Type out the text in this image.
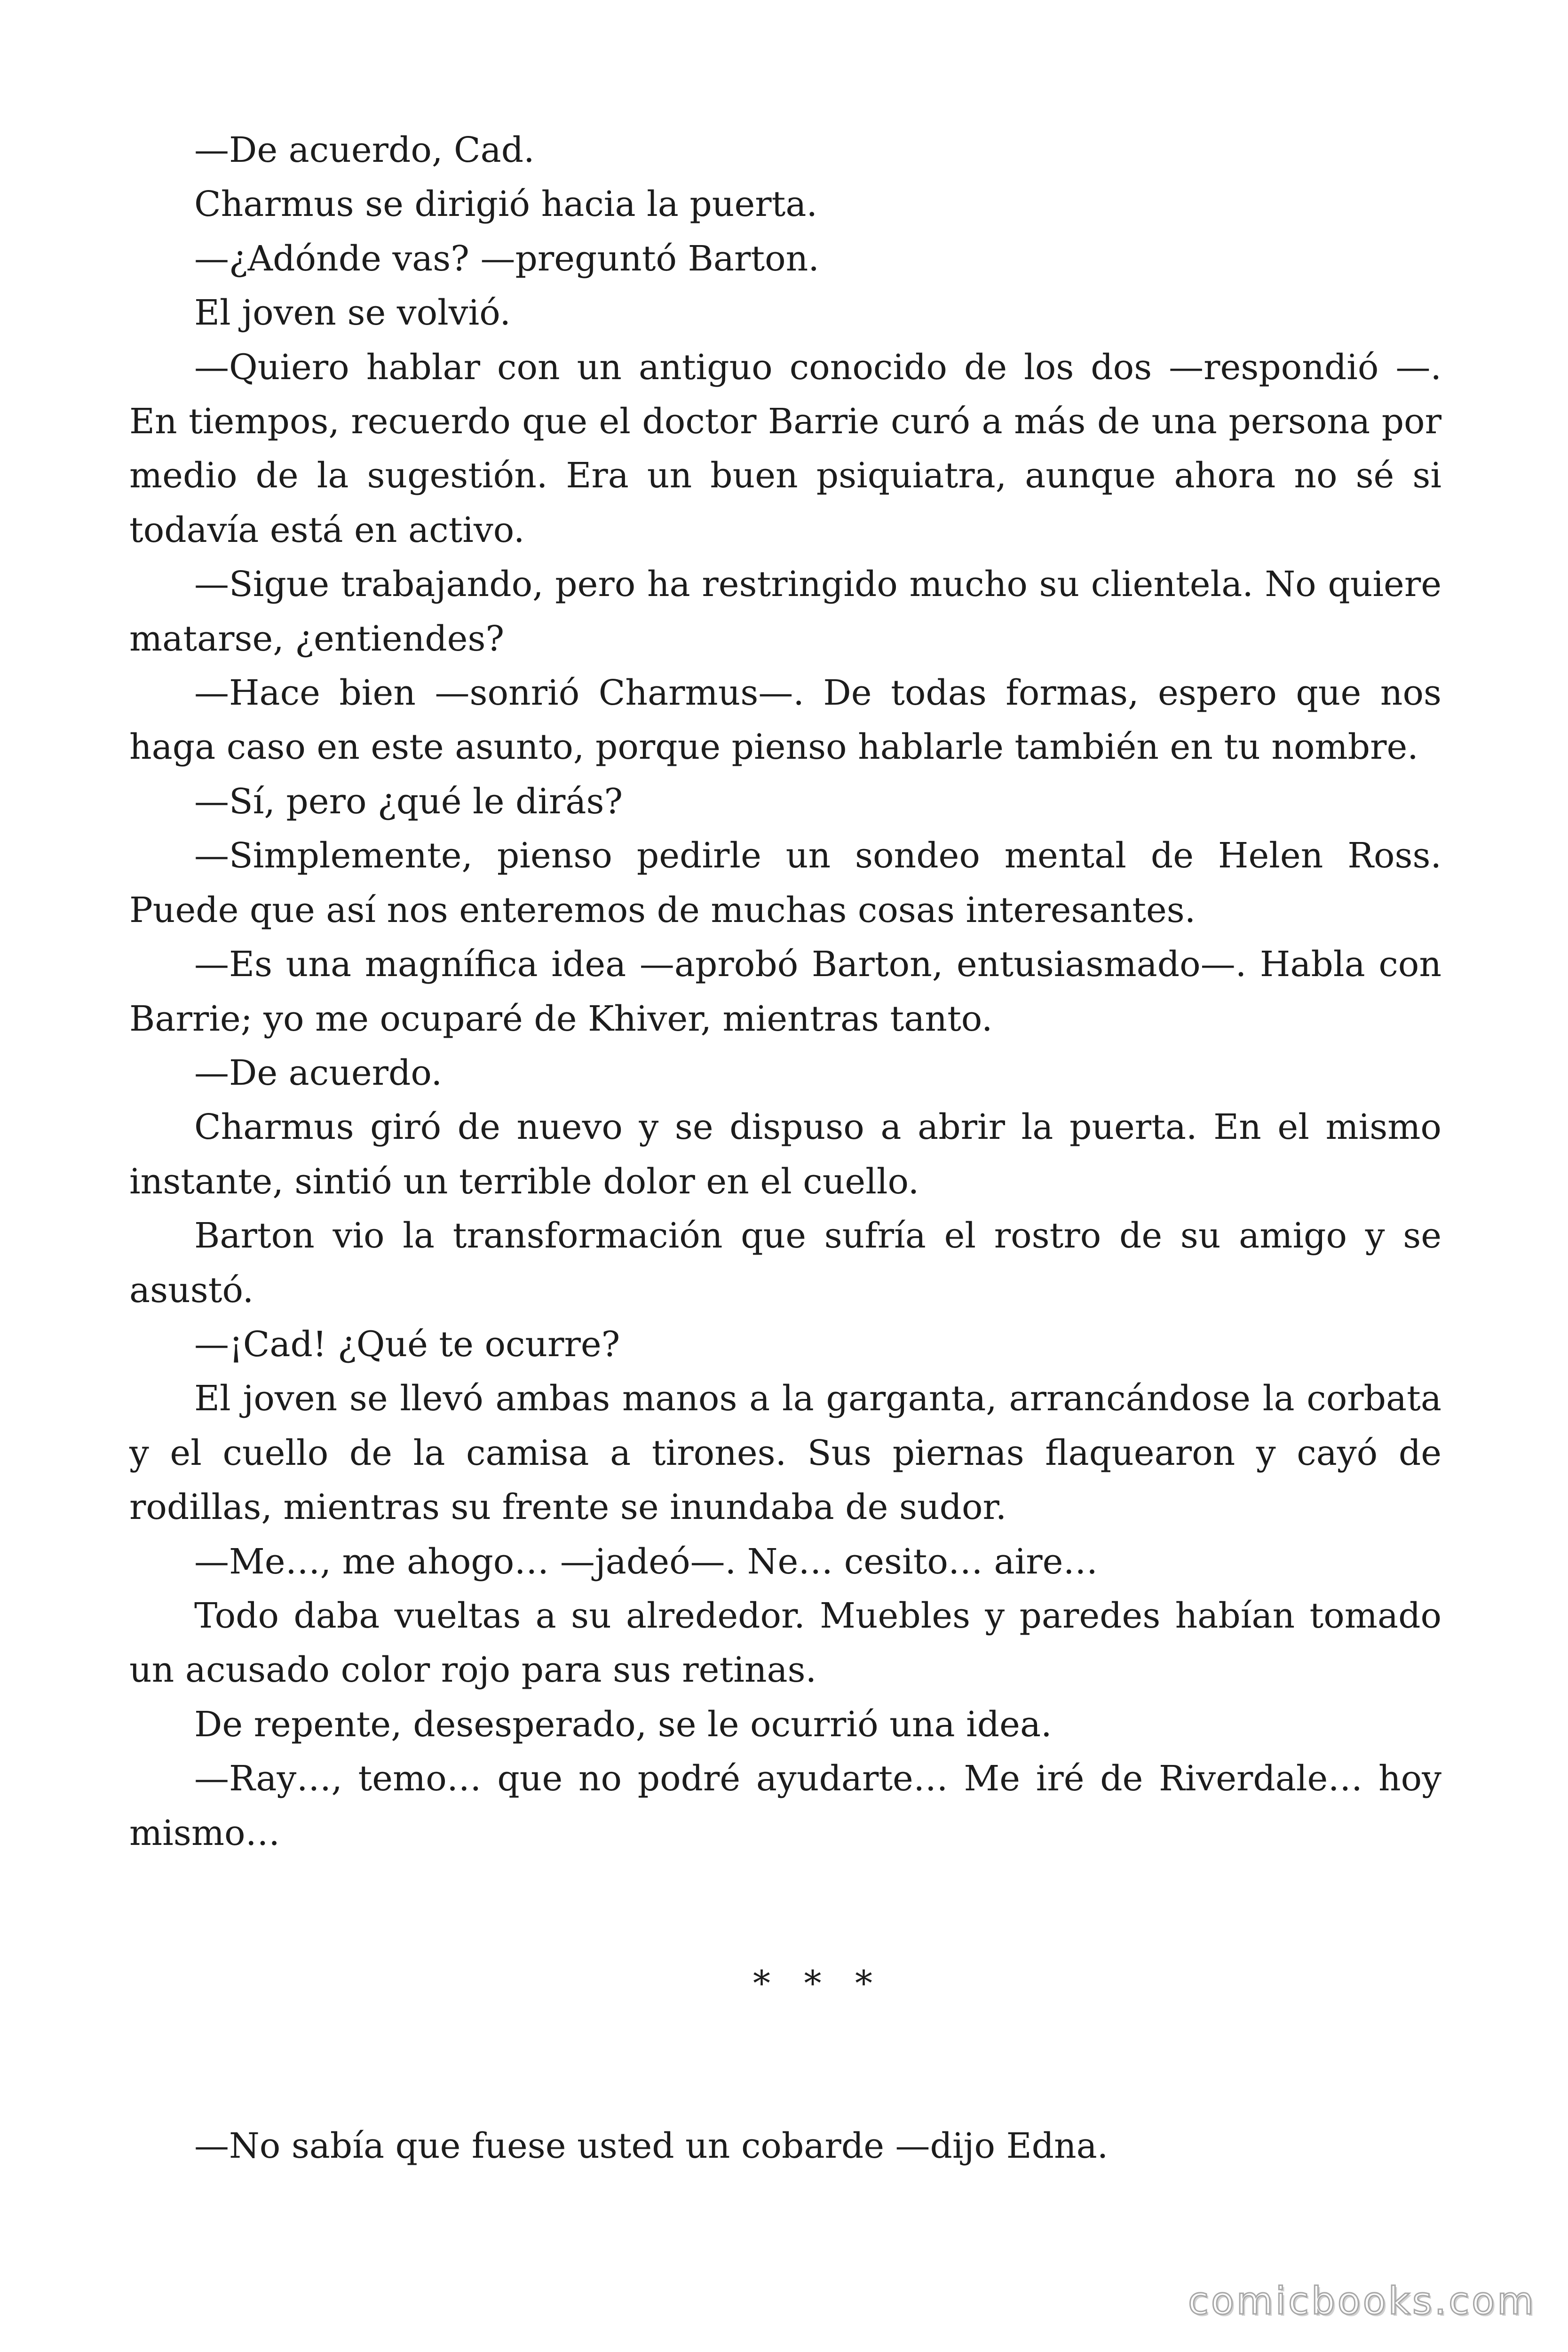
—De acuerdo, Cad.

Charmus se dirigió hacia la puerta.

—¿Adónde vas? —preguntó Barton.

El joven se volvió.

—Quiero hablar con un antiguo conocido de los dos —respondió —. En tiempos, recuerdo que el doctor Barrie curó a más de una persona por medio de la sugestión. Era un buen psiquiatra, aunque ahora no sé si todavía está en activo.

—Sigue trabajando, pero ha restringido mucho su clientela. No quiere matarse, ¿entiendes?

—Hace bien —sonrió Charmus—. De todas formas, espero que nos haga caso en este asunto, porque pienso hablarle también en tu nombre.

—Sí, pero ¿qué le dirás?

—Simplemente, pienso pedirle un sondeo mental de Helen Ross. Puede que así nos enteremos de muchas cosas interesantes.

—Es una magnífica idea —aprobó Barton, entusiasmado—. Habla con Barrie; yo me ocuparé de Khiver, mientras tanto.

—De acuerdo.

Charmus giró de nuevo y se dispuso a abrir la puerta. En el mismo instante, sintió un terrible dolor en el cuello.

Barton vio la transformación que sufría el rostro de su amigo y se asustó.

—¡Cad! ¿Qué te ocurre?

El joven se llevó ambas manos a la garganta, arrancándose la corbata y el cuello de la camisa a tirones. Sus piernas flaquearon y cayó de rodillas, mientras su frente se inundaba de sudor.

—Me…, me ahogo… —jadeó—. Ne… cesito… aire…

Todo daba vueltas a su alrededor. Muebles y paredes habían tomado un acusado color rojo para sus retinas.

De repente, desesperado, se le ocurrió una idea.

—Ray…, temo… que no podré ayudarte… Me iré de Riverdale… hoy mismo…

* * *

—No sabía que fuese usted un cobarde —dijo Edna.

comicbooks.com
